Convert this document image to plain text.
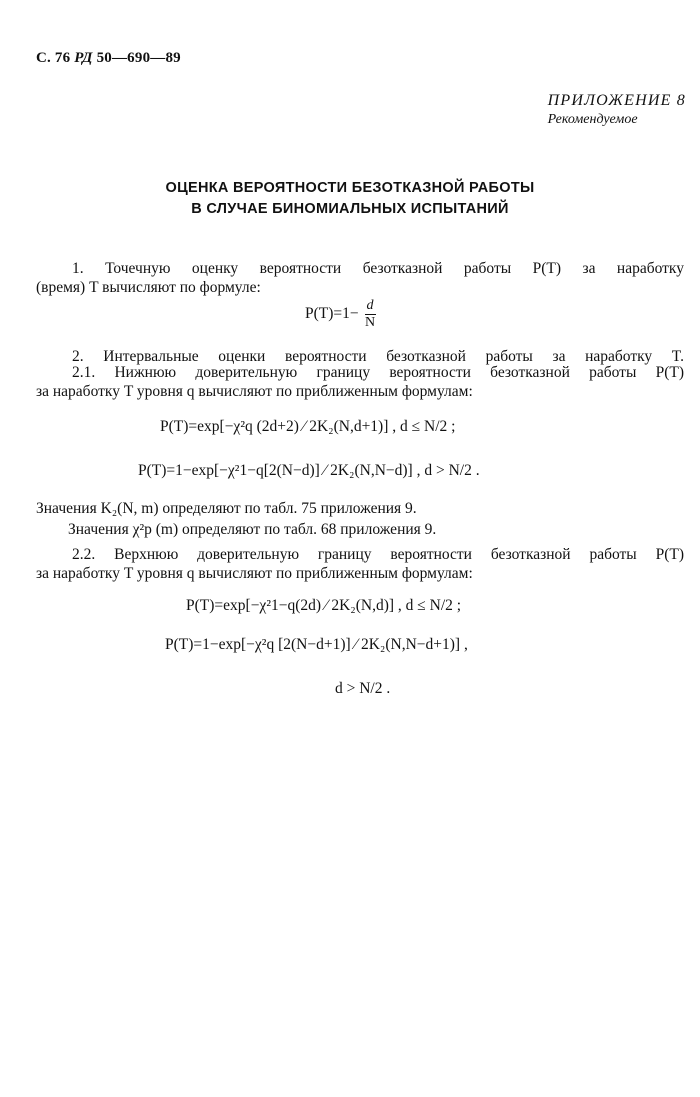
С. 76 РД 50—690—89
ПРИЛОЖЕНИЕ 8
Рекомендуемое
ОЦЕНКА ВЕРОЯТНОСТИ БЕЗОТКАЗНОЙ РАБОТЫ
В СЛУЧАЕ БИНОМИАЛЬНЫХ ИСПЫТАНИЙ
1. Точечную оценку вероятности безотказной работы P(T) за наработку
(время) T вычисляют по формуле:
$P(T)=1- \frac{d}{N}$
2. Интервальные оценки вероятности безотказной работы за наработку T.
2.1. Нижнюю доверительную границу вероятности безотказной работы P(T)
за наработку T уровня q вычисляют по приближенным формулам:
P(T)=exp[−χ²q (2d+2) ⁄ 2K₂(N,d+1)] , d ≤ N/2 ;
P(T)=1−exp[−χ²1−q[2(N−d)] ⁄ 2K₂(N,N−d)] , d > N/2 .
Значения K₂(N, m) определяют по табл. 75 приложения 9.
Значения χ²p (m) определяют по табл. 68 приложения 9.
2.2. Верхнюю доверительную границу вероятности безотказной работы P(T)
за наработку T уровня q вычисляют по приближенным формулам:
P(T)=exp[−χ²1−q(2d) ⁄ 2K₂(N,d)] , d ≤ N/2 ;
P(T)=1−exp[−χ²q [2(N−d+1)] ⁄ 2K₂(N,N−d+1)] ,
d > N/2 .
